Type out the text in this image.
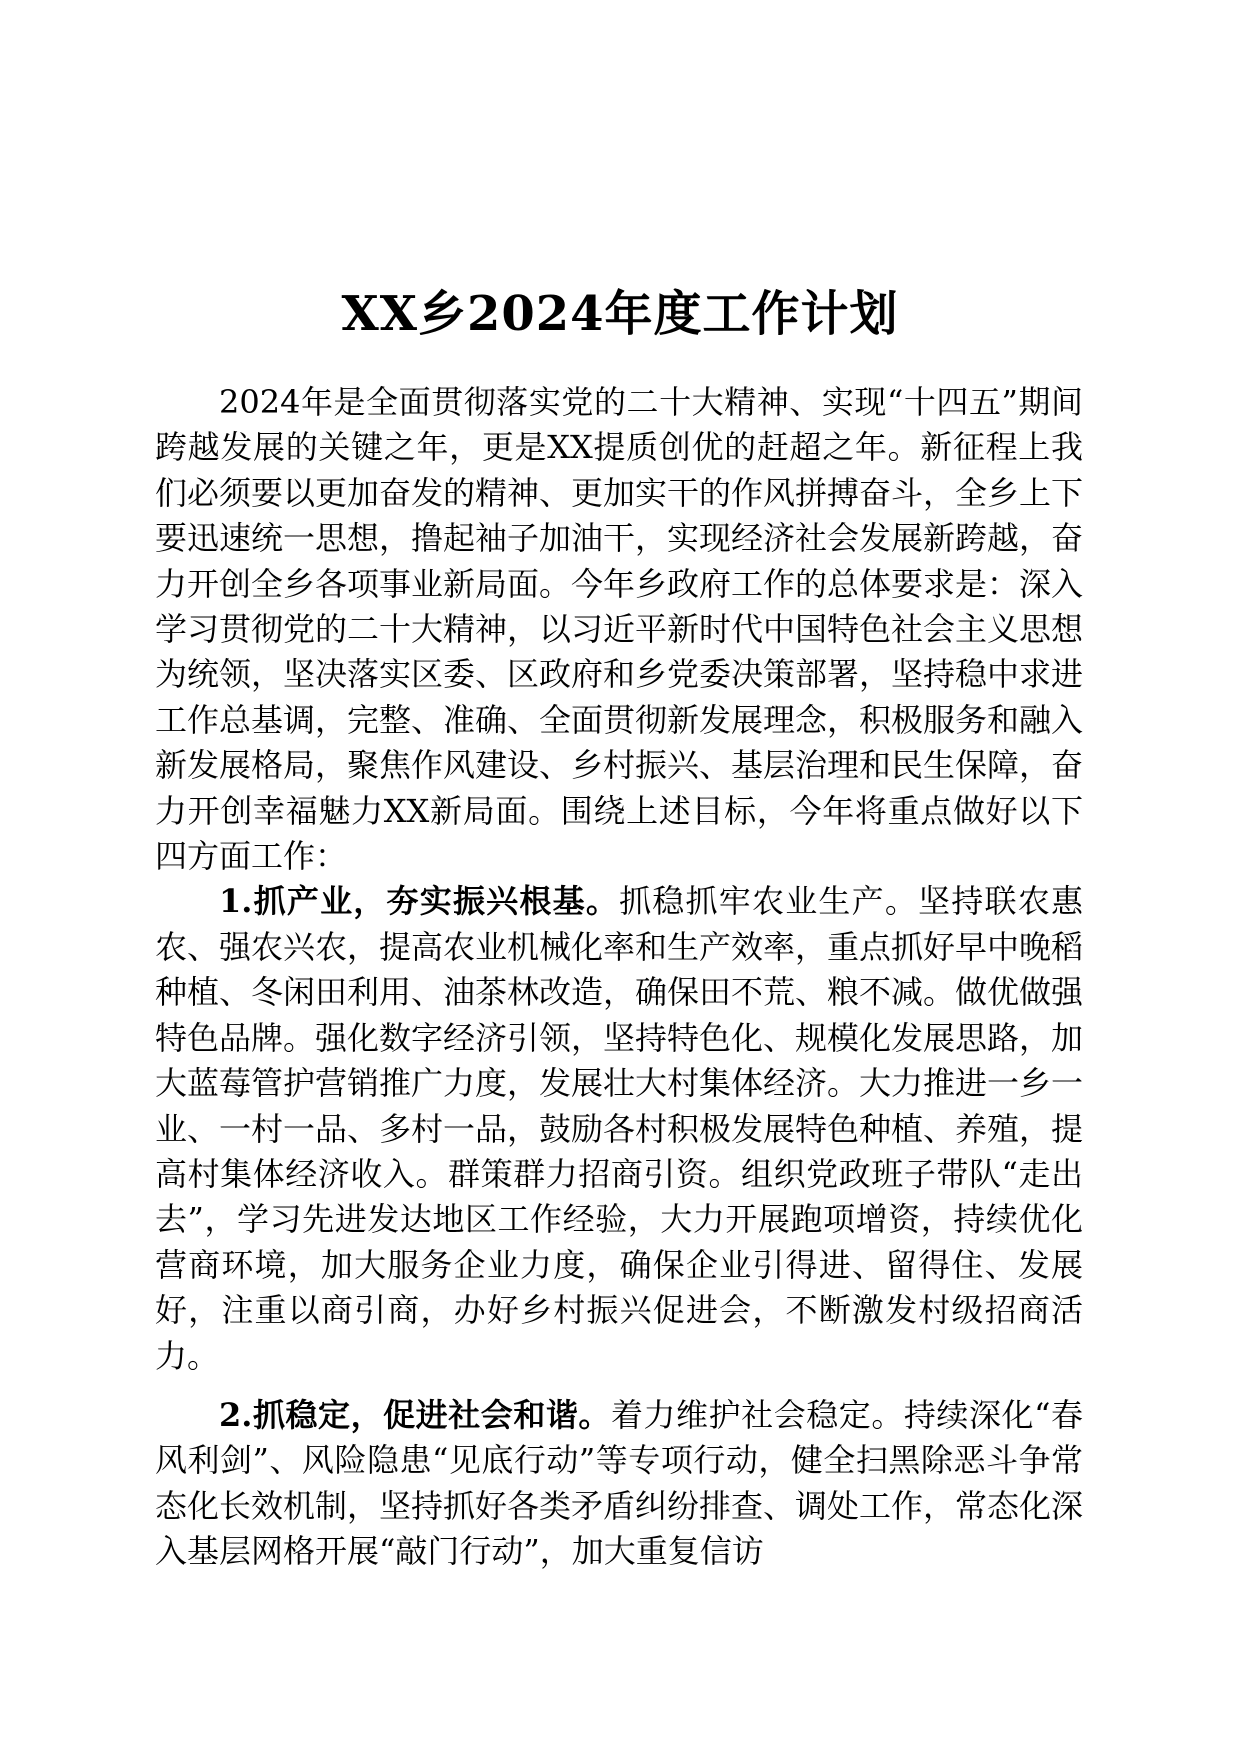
XX乡2024年度工作计划

2024年是全面贯彻落实党的二十大精神、实现“十四五”期间跨越发展的关键之年，更是XX提质创优的赶超之年。新征程上我们必须要以更加奋发的精神、更加实干的作风拼搏奋斗，全乡上下要迅速统一思想，撸起袖子加油干，实现经济社会发展新跨越，奋力开创全乡各项事业新局面。今年乡政府工作的总体要求是：深入学习贯彻党的二十大精神，以习近平新时代中国特色社会主义思想为统领，坚决落实区委、区政府和乡党委决策部署，坚持稳中求进工作总基调，完整、准确、全面贯彻新发展理念，积极服务和融入新发展格局，聚焦作风建设、乡村振兴、基层治理和民生保障，奋力开创幸福魅力XX新局面。围绕上述目标，今年将重点做好以下四方面工作：

1.抓产业，夯实振兴根基。抓稳抓牢农业生产。坚持联农惠农、强农兴农，提高农业机械化率和生产效率，重点抓好早中晚稻种植、冬闲田利用、油茶林改造，确保田不荒、粮不减。做优做强特色品牌。强化数字经济引领，坚持特色化、规模化发展思路，加大蓝莓管护营销推广力度，发展壮大村集体经济。大力推进一乡一业、一村一品、多村一品，鼓励各村积极发展特色种植、养殖，提高村集体经济收入。群策群力招商引资。组织党政班子带队“走出去”，学习先进发达地区工作经验，大力开展跑项增资，持续优化营商环境，加大服务企业力度，确保企业引得进、留得住、发展好，注重以商引商，办好乡村振兴促进会，不断激发村级招商活力。

2.抓稳定，促进社会和谐。着力维护社会稳定。持续深化“春风利剑”、风险隐患“见底行动”等专项行动，健全扫黑除恶斗争常态化长效机制，坚持抓好各类矛盾纠纷排查、调处工作，常态化深入基层网格开展“敲门行动”，加大重复信访
